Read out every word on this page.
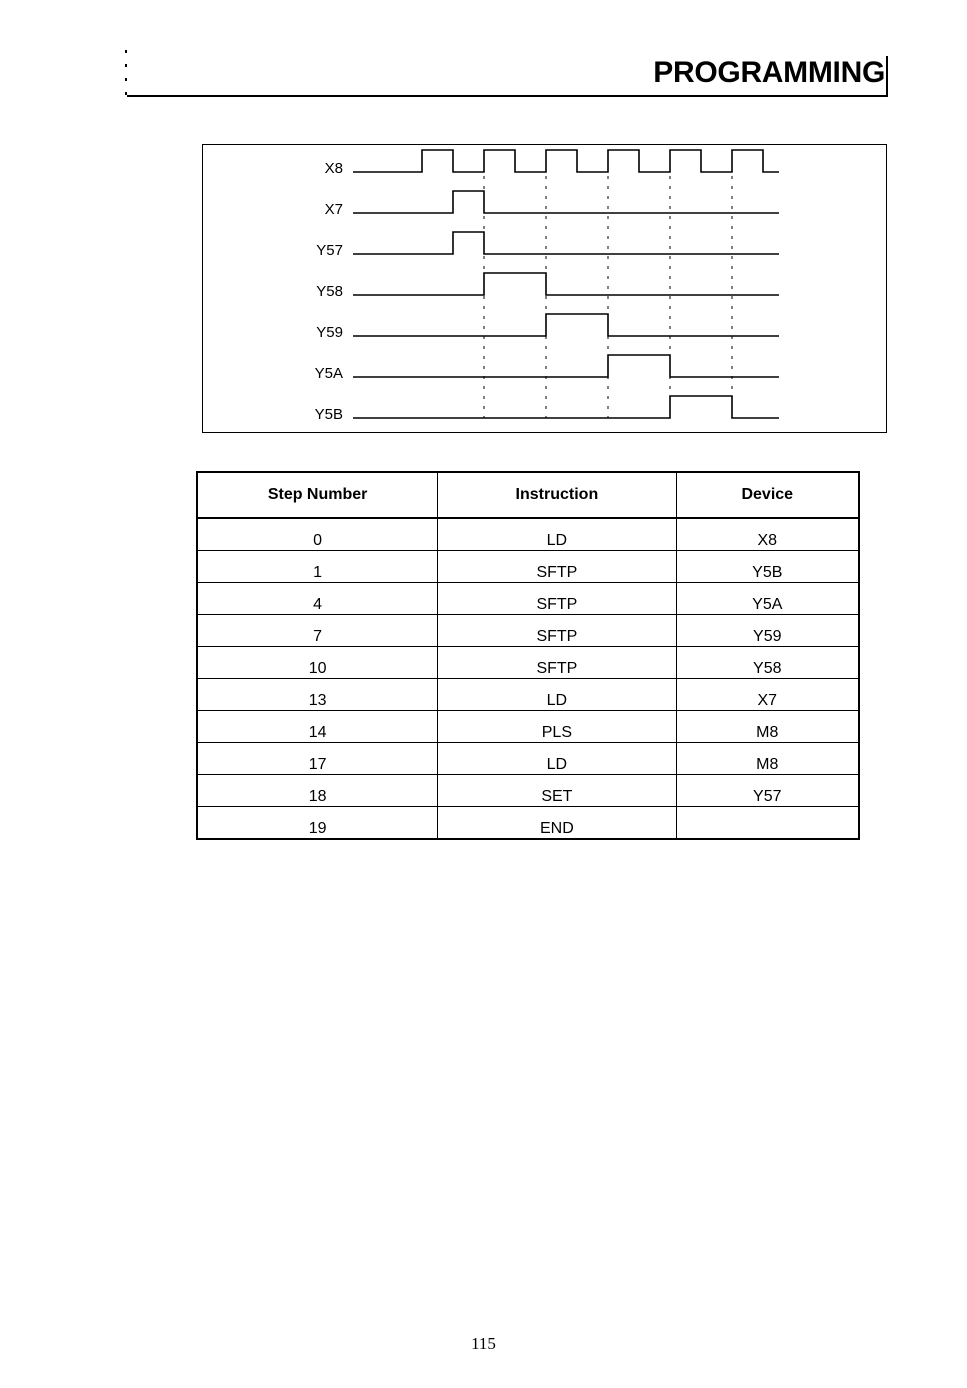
PROGRAMMING
X8
X7
Y57
Y58
Y59
Y5A
Y5B
Step Number	Instruction	Device
0	LD	X8
1	SFTP	Y5B
4	SFTP	Y5A
7	SFTP	Y59
10	SFTP	Y58
13	LD	X7
14	PLS	M8
17	LD	M8
18	SET	Y57
19	END	
115
